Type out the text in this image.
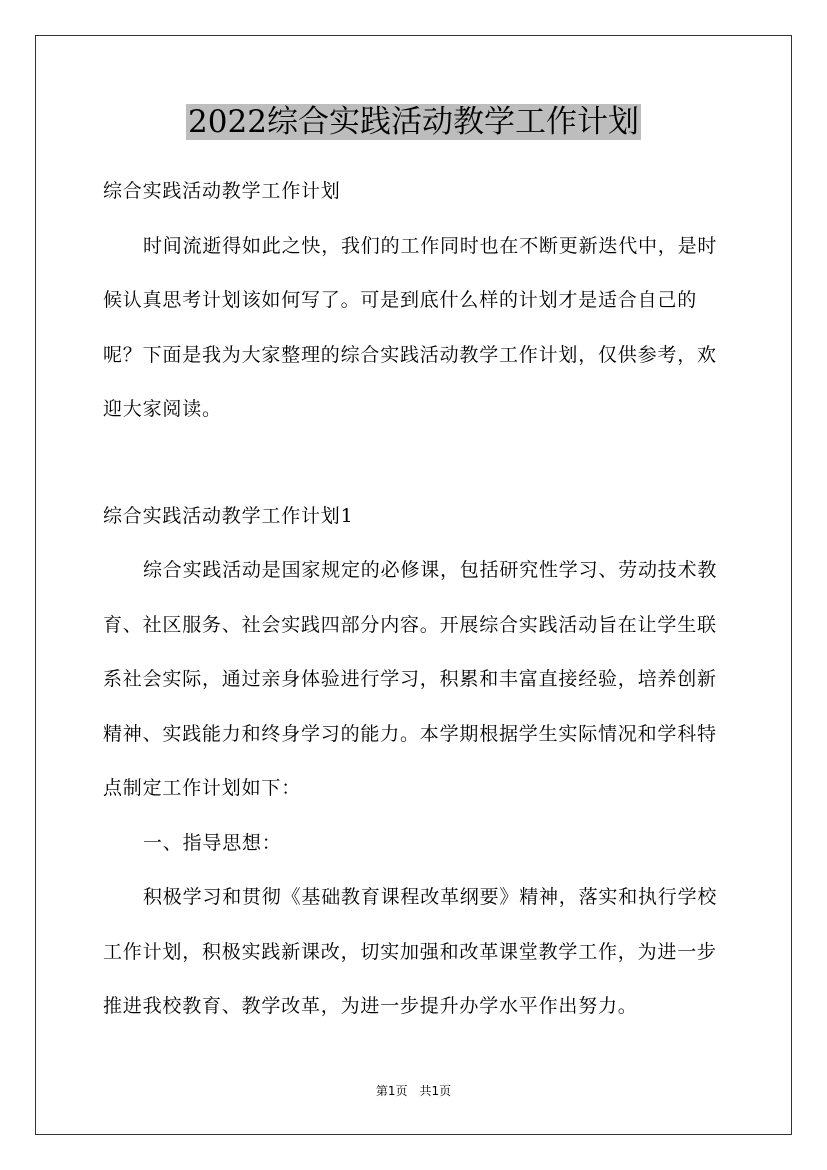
2022综合实践活动教学工作计划

综合实践活动教学工作计划

时间流逝得如此之快，我们的工作同时也在不断更新迭代中，是时候认真思考计划该如何写了。可是到底什么样的计划才是适合自己的呢？下面是我为大家整理的综合实践活动教学工作计划，仅供参考，欢迎大家阅读。

综合实践活动教学工作计划1

综合实践活动是国家规定的必修课，包括研究性学习、劳动技术教育、社区服务、社会实践四部分内容。开展综合实践活动旨在让学生联系社会实际，通过亲身体验进行学习，积累和丰富直接经验，培养创新精神、实践能力和终身学习的能力。本学期根据学生实际情况和学科特点制定工作计划如下：

一、指导思想：

积极学习和贯彻《基础教育课程改革纲要》精神，落实和执行学校工作计划，积极实践新课改，切实加强和改革课堂教学工作，为进一步推进我校教育、教学改革，为进一步提升办学水平作出努力。

第1页　共1页
